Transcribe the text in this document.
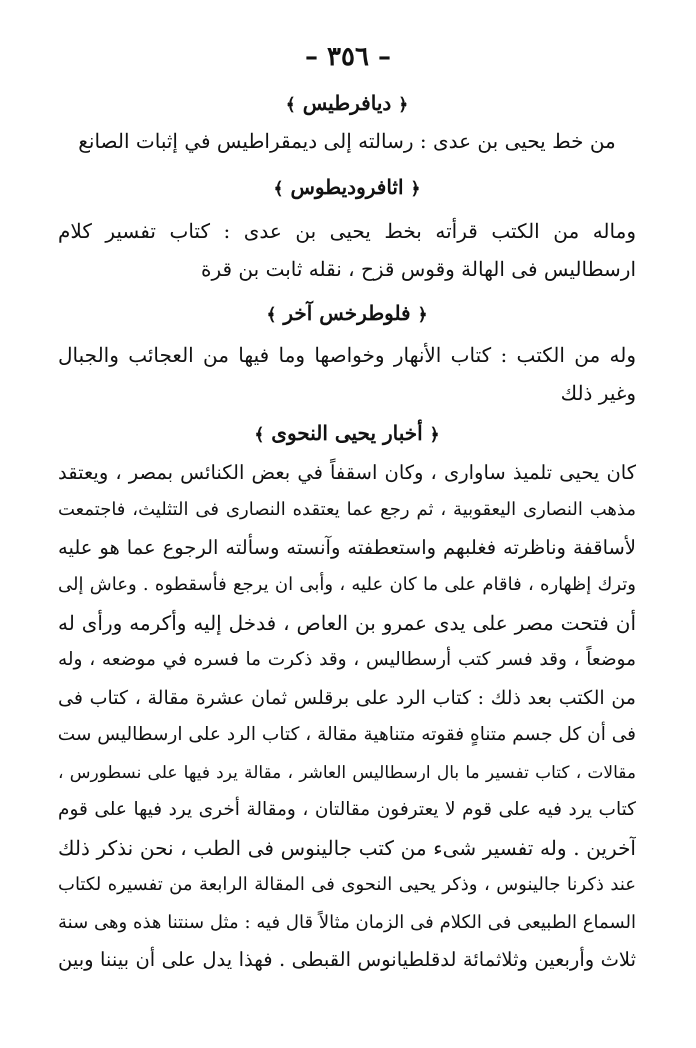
– ٣٥٦ –
﴿ ديافرطيس ﴾
من خط يحيى بن عدى : رسالته إلى ديمقراطيس في إثبات الصانع
﴿ اثافروديطوس ﴾
وماله من الكتب قرأته بخط يحيى بن عدى : كتاب تفسير كلام
ارسطاليس فى الهالة وقوس قزح ، نقله ثابت بن قرة
﴿ فلوطرخس آخر ﴾
وله من الكتب : كتاب الأنهار وخواصها وما فيها من العجائب والجبال
وغير ذلك
﴿ أخبار يحيى النحوى ﴾
كان يحيى تلميذ ساوارى ، وكان اسقفاً في بعض الكنائس بمصر ، ويعتقد
مذهب النصارى اليعقوبية ، ثم رجع عما يعتقده النصارى فى التثليث، فاجتمعت
لأساقفة وناظرته فغلبهم واستعطفته وآنسته وسألته الرجوع عما هو عليه
وترك إظهاره ، فاقام على ما كان عليه ، وأبى ان يرجع فأسقطوه . وعاش إلى
أن فتحت مصر على يدى عمرو بن العاص ، فدخل إليه وأكرمه ورأى له
موضعاً ، وقد فسر كتب أرسطاليس ، وقد ذكرت ما فسره في موضعه ، وله
من الكتب بعد ذلك : كتاب الرد على برقلس ثمان عشرة مقالة ، كتاب فى
فى أن كل جسم متناهٍ فقوته متناهية مقالة ، كتاب الرد على ارسطاليس ست
مقالات ، كتاب تفسير ما بال ارسطاليس العاشر ، مقالة يرد فيها على نسطورس ،
كتاب يرد فيه على قوم لا يعترفون مقالتان ، ومقالة أخرى يرد فيها على قوم
آخرين . وله تفسير شىء من كتب جالينوس فى الطب ، نحن نذكر ذلك
عند ذكرنا جالينوس ، وذكر يحيى النحوى فى المقالة الرابعة من تفسيره لكتاب
السماع الطبيعى فى الكلام فى الزمان مثالاً قال فيه : مثل سنتنا هذه وهى سنة
ثلاث وأربعين وثلاثمائة لدقلطيانوس القبطى . فهذا يدل على أن بيننا وبين
